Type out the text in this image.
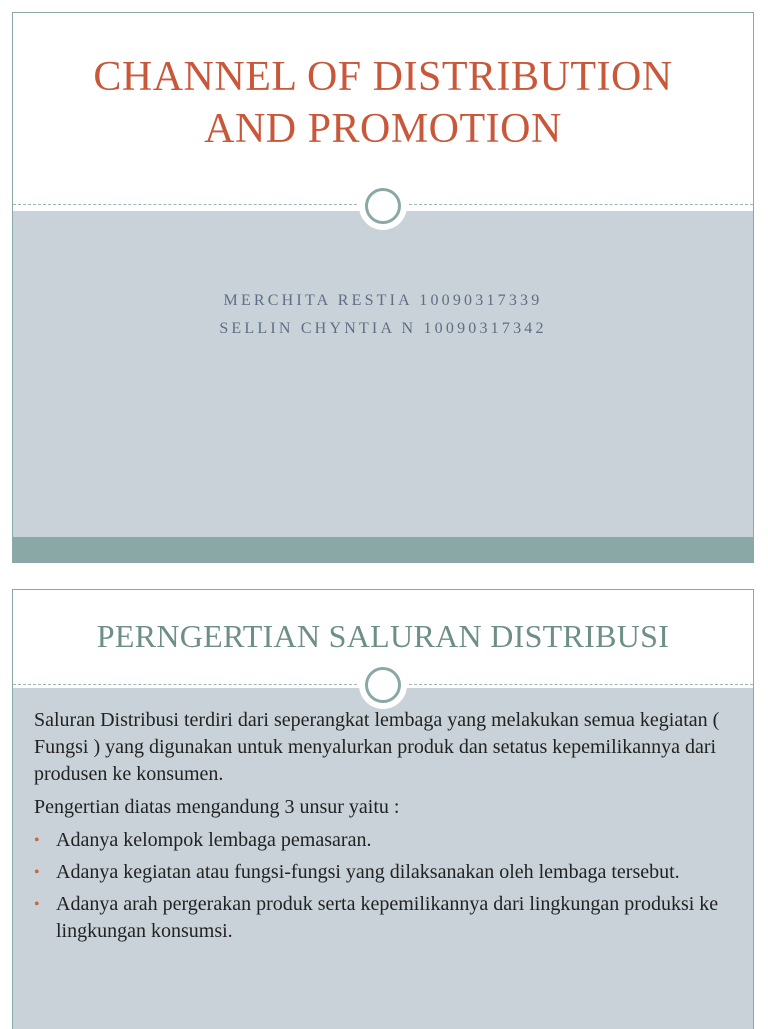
CHANNEL OF DISTRIBUTION
AND PROMOTION
MERCHITA RESTIA 10090317339
SELLIN CHYNTIA N 10090317342
PERNGERTIAN SALURAN DISTRIBUSI

Saluran Distribusi terdiri dari seperangkat lembaga yang melakukan semua kegiatan ( Fungsi ) yang digunakan untuk menyalurkan produk dan setatus kepemilikannya dari produsen ke konsumen.

Pengertian diatas mengandung 3 unsur yaitu :

• Adanya kelompok lembaga pemasaran.
• Adanya kegiatan atau fungsi-fungsi yang dilaksanakan oleh lembaga tersebut.
• Adanya arah pergerakan produk serta kepemilikannya dari lingkungan produksi ke lingkungan konsumsi.
